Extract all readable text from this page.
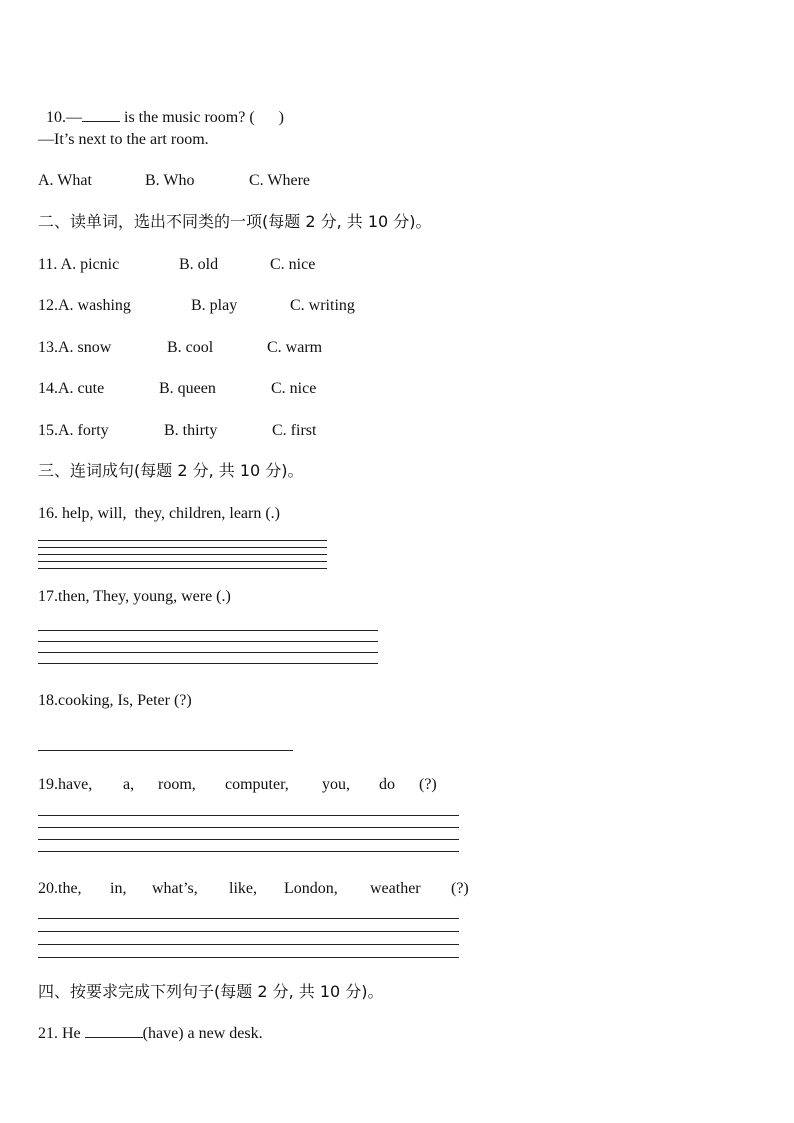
10.—	is the music room? (      )

—It’s next to the art room.
A. What	B. Who	C. Where
二、读单词，选出不同类的一项(每题 2 分, 共 10 分)。
11. A. picnic	B. old	C. nice
12.A. washing	B. play	C. writing
13.A. snow	B. cool	C. warm
14.A. cute	B. queen	C. nice
15.A. forty	B. thirty	C. first
三、连词成句(每题 2 分, 共 10 分)。
16. help, will,  they, children, learn (.)
17.then, They, young, were (.)
18.cooking, Is, Peter (?)
19.have, a, room, computer, you, do (?)
20.the, in, what’s, like, London, weather (?)
四、按要求完成下列句子(每题 2 分, 共 10 分)。
21. He	(have) a new desk.
